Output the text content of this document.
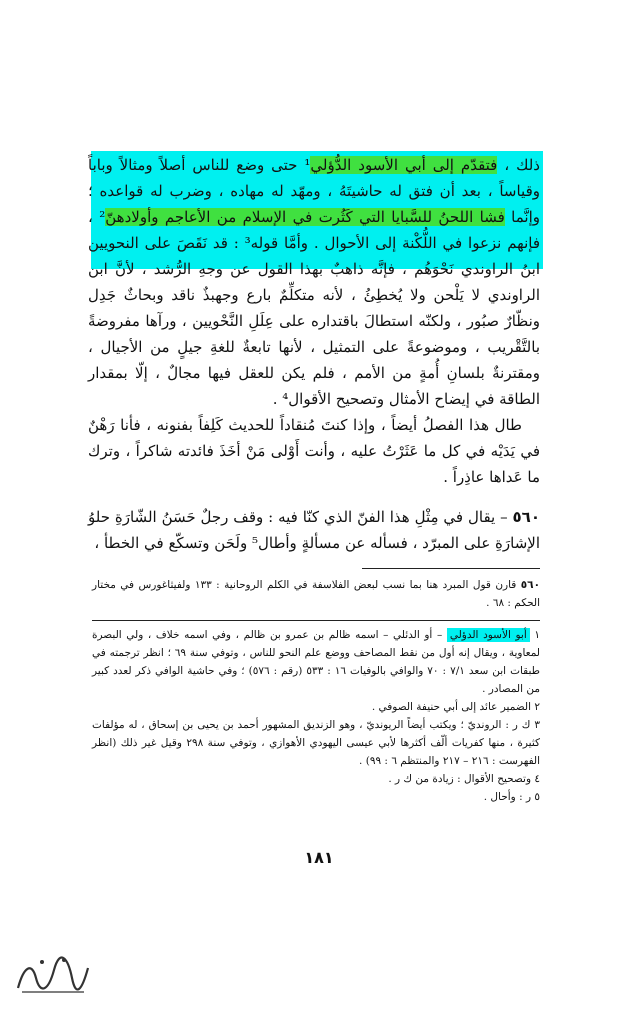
ذلك ، فتقدّم إلى أبي الأسود الدُّؤلي¹ حتى وضع للناس أصلاً ومثالاً وباباً وقياساً ، بعد أن فتق له حاشيتَهُ ، ومهّد له مهاده ، وضرب له قواعده ؛ وإنَّما فشا اللحنُ للسَّبايا التي كَثُرت في الإسلام من الأعاجم وأولادهنّ² ، فإنهم نزعوا في اللُّكْنة إلى الأحوال . وأمَّا قوله³ : قد نَقَصَ على النحويين ابنُ الراوندي نَحْوَهُم ، فإنَّه ذاهبٌ بهذا القول عن وجهِ الرُّشد ، لأنَّ ابن الراوندي لا يَلْحن ولا يُخطِئُ ، لأنه متكلِّمٌ بارع وجهبذٌ ناقد وبحاثٌ جَدِل ونظّارٌ صبُور ، ولكنّه استطالَ باقتداره على عِلَلِ النَّحْويين ، ورآها مفروضةً بالتَّقْريب ، وموضوعةً على التمثيل ، لأنها تابعةٌ للغةِ جيلٍ من الأجيال ، ومقترنةٌ بلسانِ أُمةٍ من الأمم ، فلم يكن للعقل فيها مجالٌ ، إلّا بمقدار الطاقة في إيضاح الأمثال وتصحيح الأقوال⁴ .

طال هذا الفصلُ أيضاً ، وإذا كنتَ مُنقاداً للحديث كَلِفاً بفنونه ، فأنا رَهْنٌ في يَدَيْه في كل ما عَثَرْتُ عليه ، وأنت أَوْلى مَنْ أخَذَ فائدته شاكراً ، وترك ما عَداها عاذِراً .

٥٦٠ – يقال في مِثْلِ هذا الفنّ الذي كنّا فيه : وقف رجلٌ حَسَنُ الشّارَةِ حلوُ الإشارَةِ على المبرّد ، فسأله عن مسألةٍ وأطال⁵ ولَحَن وتسكّع في الخطأ ،

٥٦٠ قارن قول المبرد هنا بما نسب لبعض الفلاسفة في الكلم الروحانية : ١٣٣ ولفيثاغورس في مختار الحكم : ٦٨ .

١ أبو الأسود الدؤلي – أو الدئلي – اسمه ظالم بن عمرو بن ظالم ، وفي اسمه خلاف ، ولي البصرة لمعاوية ، ويقال إنه أول من نقط المصاحف ووضع علم النحو للناس ، وتوفي سنة ٦٩ ؛ انظر ترجمته في طبقات ابن سعد ٧/١ : ٧٠ والوافي بالوفيات ١٦ : ٥٣٣ (رقم : ٥٧٦) ؛ وفي حاشية الوافي ذكر لعدد كبير من المصادر .

٢ الضمير عائد إلى أبي حنيفة الصوفي .

٣ ك ر : الرونديّ ؛ ويكتب أيضاً الريونديّ ، وهو الزنديق المشهور أحمد بن يحيى بن إسحاق ، له مؤلفات كثيرة ، منها كفريات ألّف أكثرها لأبي عيسى اليهودي الأهوازي ، وتوفي سنة ٢٩٨ وقيل غير ذلك (انظر الفهرست : ٢١٦ – ٢١٧ والمنتظم ٦ : ٩٩) .

٤ وتصحيح الأقوال : زيادة من ك ر .

٥ ر : وأحال .

١٨١
